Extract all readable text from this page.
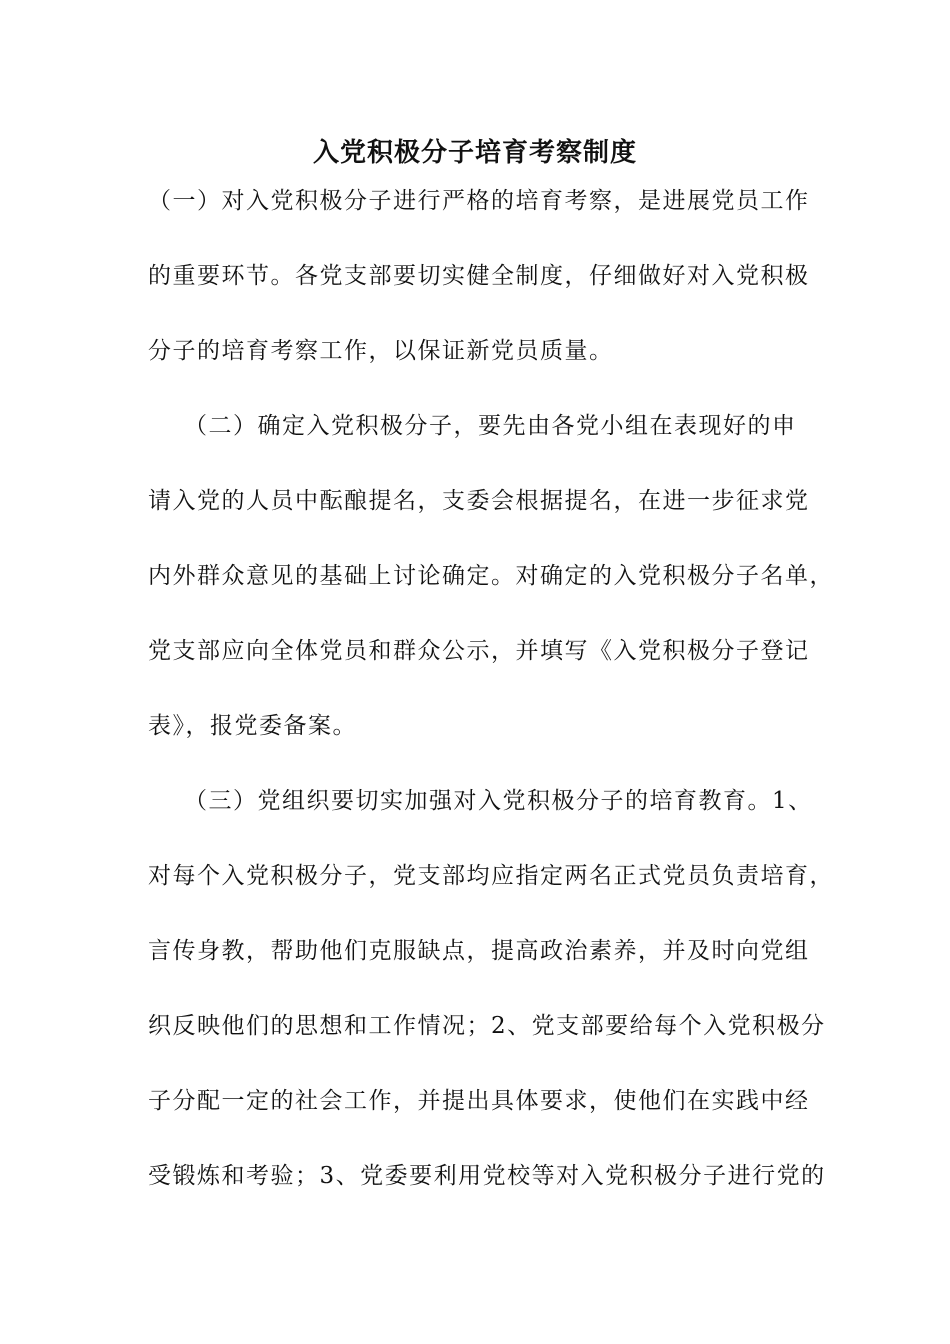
入党积极分子培育考察制度
（一）对入党积极分子进行严格的培育考察，是进展党员工作
的重要环节。各党支部要切实健全制度，仔细做好对入党积极
分子的培育考察工作，以保证新党员质量。
（二）确定入党积极分子，要先由各党小组在表现好的申
请入党的人员中酝酿提名，支委会根据提名，在进一步征求党
内外群众意见的基础上讨论确定。对确定的入党积极分子名单，
党支部应向全体党员和群众公示，并填写《入党积极分子登记
表》，报党委备案。
（三）党组织要切实加强对入党积极分子的培育教育。1、
对每个入党积极分子，党支部均应指定两名正式党员负责培育，
言传身教，帮助他们克服缺点，提高政治素养，并及时向党组
织反映他们的思想和工作情况；2、党支部要给每个入党积极分
子分配一定的社会工作，并提出具体要求，使他们在实践中经
受锻炼和考验；3、党委要利用党校等对入党积极分子进行党的
